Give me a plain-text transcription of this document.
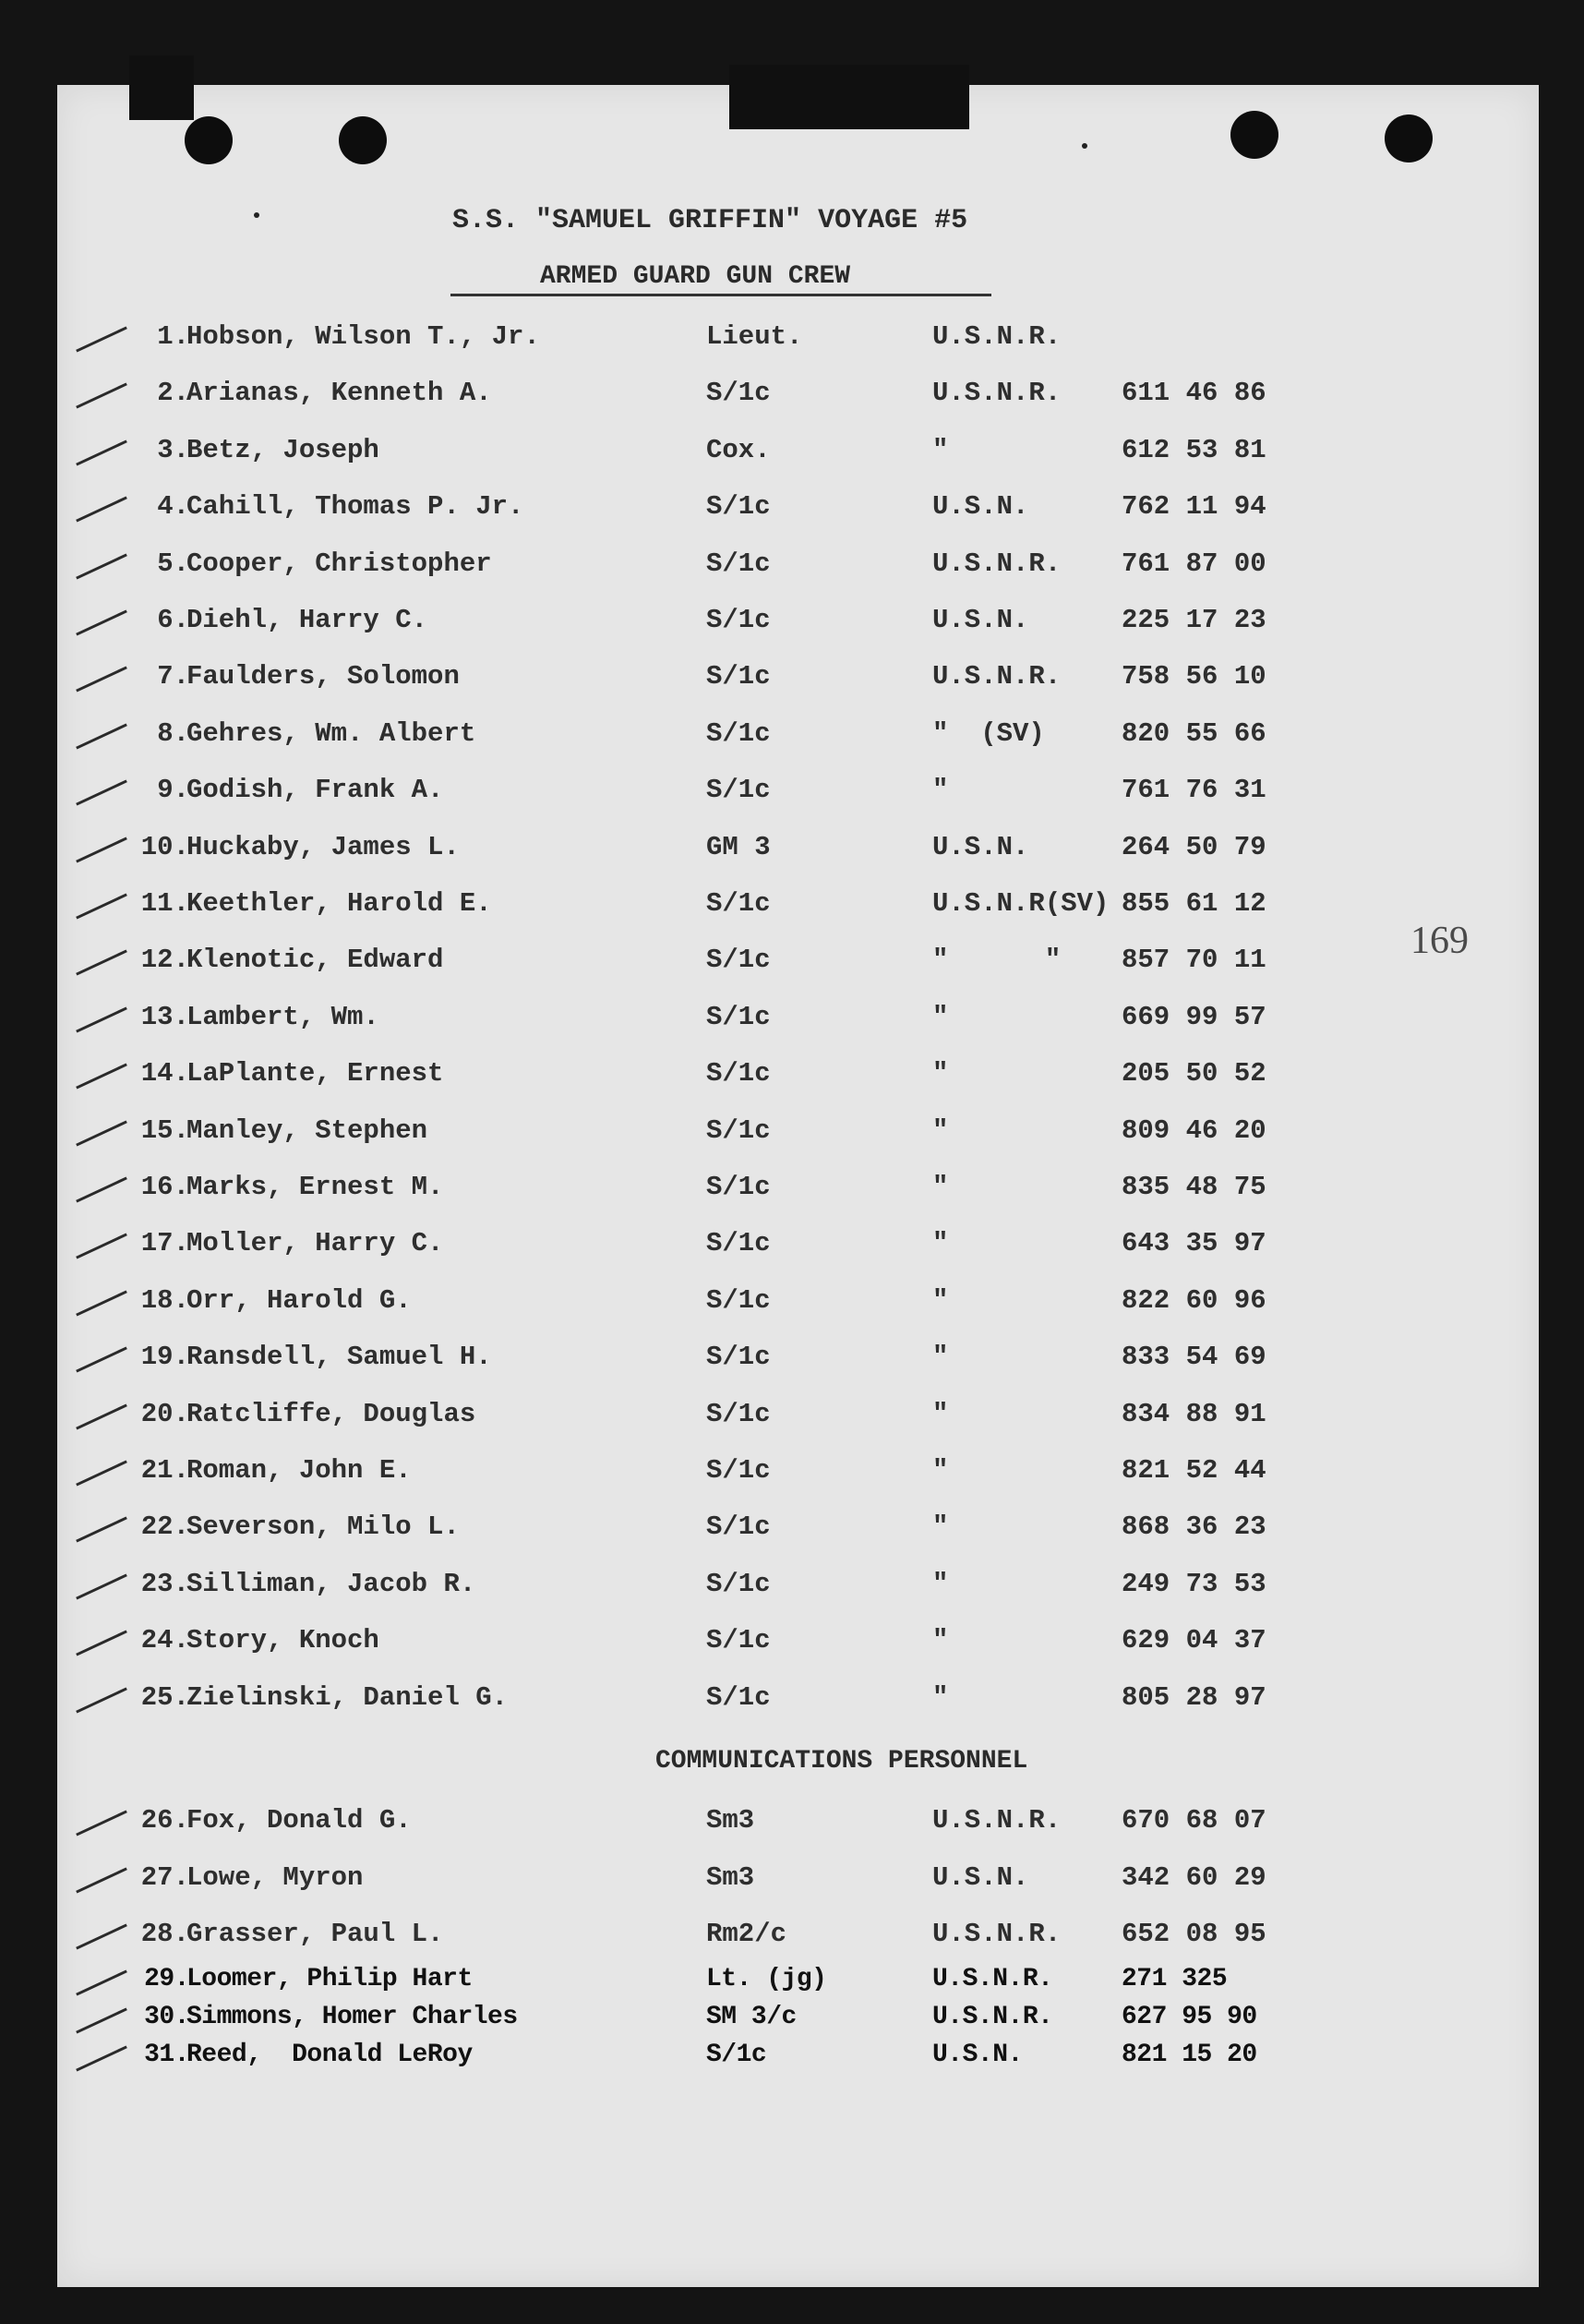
S.S. "SAMUEL GRIFFIN" VOYAGE #5
ARMED GUARD GUN CREW
169
1.
Hobson, Wilson T., Jr.	Lieut.	U.S.N.R.
2.
Arianas, Kenneth A.	S/1c	U.S.N.R. 611 46 86
3.
Betz, Joseph	Cox.	"	612 53 81
4.
Cahill, Thomas P. Jr.	S/1c	U.S.N.	762 11 94
5.
Cooper, Christopher	S/1c	U.S.N.R. 761 87 00
6.
Diehl, Harry C.	S/1c	U.S.N.	225 17 23
7.
Faulders, Solomon	S/1c	U.S.N.R. 758 56 10
8.
Gehres, Wm. Albert	S/1c	"  (SV)	820 55 66
9.
Godish, Frank A.	S/1c	"	761 76 31
10.
Huckaby, James L.	GM 3	U.S.N.	264 50 79
11.
Keethler, Harold E.	S/1c	U.S.N.R(SV) 855 61 12
12.
Klenotic, Edward	S/1c	"      " 857 70 11
13.
Lambert, Wm.	S/1c	"	669 99 57
14.
LaPlante, Ernest	S/1c	"	205 50 52
15.
Manley, Stephen	S/1c	"	809 46 20
16.
Marks, Ernest M.	S/1c	"	835 48 75
17.
Moller, Harry C.	S/1c	"	643 35 97
18.
Orr, Harold G.	S/1c	"	822 60 96
19.
Ransdell, Samuel H.	S/1c	"	833 54 69
20.
Ratcliffe, Douglas	S/1c	"	834 88 91
21.
Roman, John E.	S/1c	"	821 52 44
22.
Severson, Milo L.	S/1c	"	868 36 23
23.
Silliman, Jacob R.	S/1c	"	249 73 53
24.
Story, Knoch	S/1c	"	629 04 37
25.
Zielinski, Daniel G.	S/1c	"	805 28 97
COMMUNICATIONS PERSONNEL
26.
Fox, Donald G.	Sm3	U.S.N.R. 670 68 07
27.
Lowe, Myron	Sm3	U.S.N.	342 60 29
28.
Grasser, Paul L.	Rm2/c	U.S.N.R. 652 08 95
29.
Loomer, Philip Hart	Lt. (jg)	U.S.N.R.	271 325
30.
Simmons, Homer Charles	SM 3/c	U.S.N.R.	627 95 90
31.
Reed,  Donald LeRoy	S/1c	U.S.N.	821 15 20
